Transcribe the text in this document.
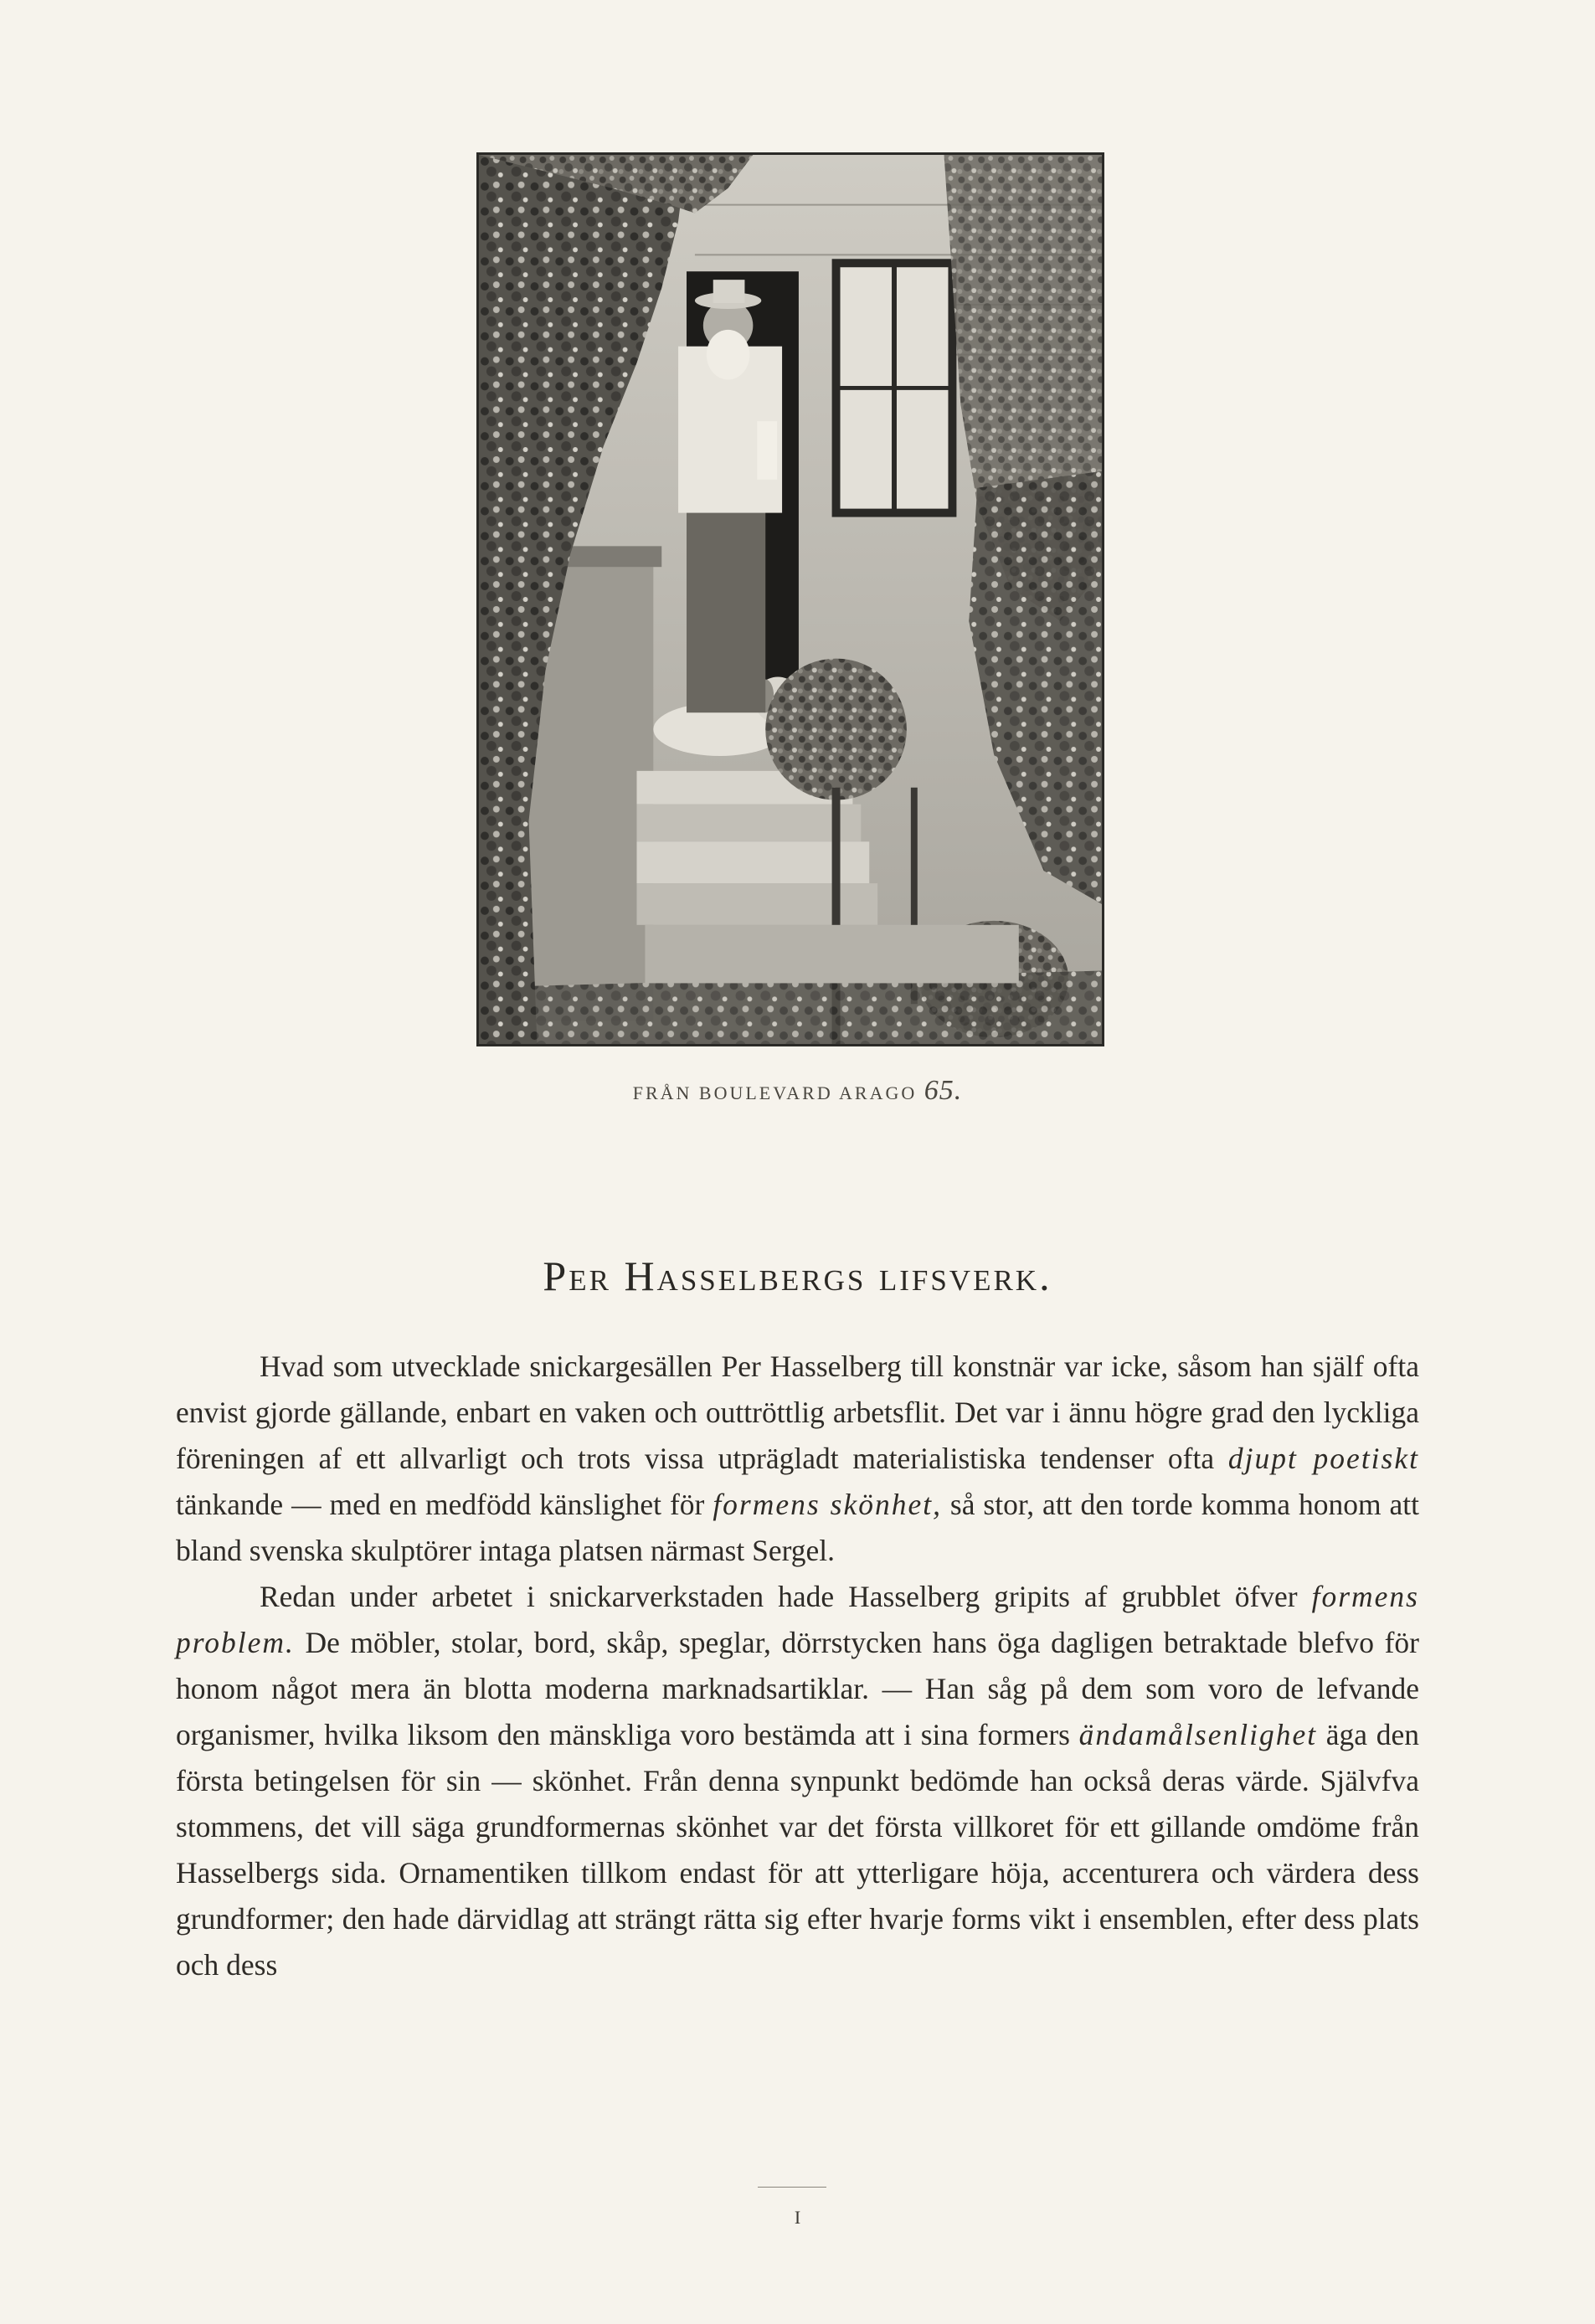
FRÅN BOULEVARD ARAGO 65.
Per Hasselbergs lifsverk.

Hvad som utvecklade snickargesällen Per Hasselberg till konstnär var icke, såsom han själf ofta envist gjorde gällande, enbart en vaken och outtröttlig arbetsflit. Det var i ännu högre grad den lyckliga föreningen af ett allvarligt och trots vissa utprägladt materialistiska tendenser ofta djupt poetiskt tänkande — med en medfödd känslighet för formens skönhet, så stor, att den torde komma honom att bland svenska skulptörer intaga platsen närmast Sergel.

Redan under arbetet i snickarverkstaden hade Hasselberg gripits af grubblet öfver formens problem. De möbler, stolar, bord, skåp, speglar, dörrstycken hans öga dagligen betraktade blefvo för honom något mera än blotta moderna marknadsartiklar. — Han såg på dem som voro de lefvande organismer, hvilka liksom den mänskliga voro bestämda att i sina formers ändamålsenlighet äga den första betingelsen för sin — skönhet. Från denna synpunkt bedömde han också deras värde. Självfva stommens, det vill säga grundformernas skönhet var det första villkoret för ett gillande omdöme från Hasselbergs sida. Ornamentiken tillkom endast för att ytterligare höja, accenturera och värdera dess grundformer; den hade därvidlag att strängt rätta sig efter hvarje forms vikt i ensemblen, efter dess plats och dess

I
